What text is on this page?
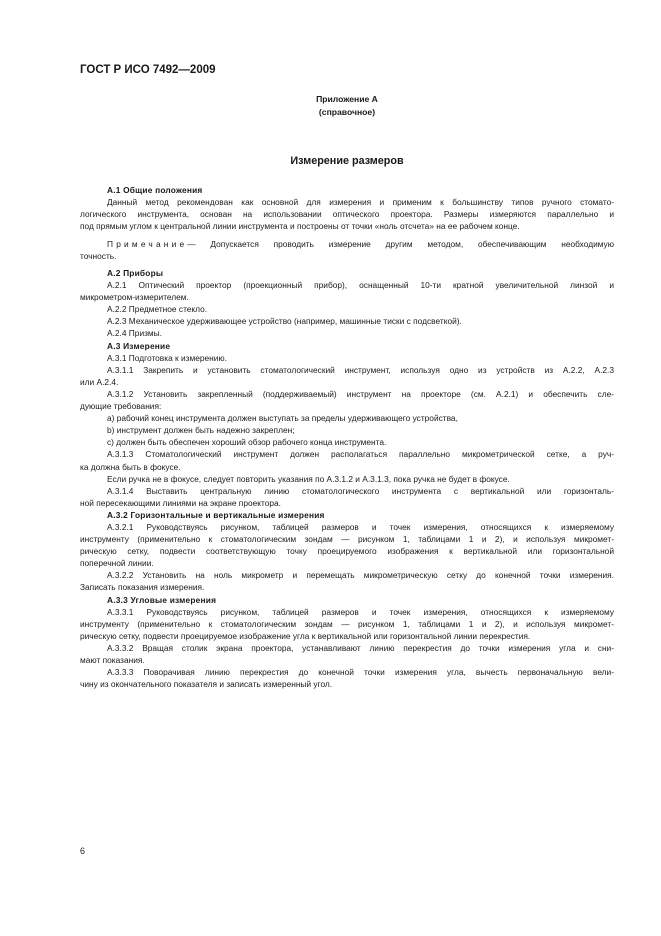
ГОСТ Р ИСО 7492—2009
Приложение А
(справочное)
Измерение размеров
А.1 Общие положения
Данный метод рекомендован как основной для измерения и применим к большинству типов ручного стомато-
логического инструмента, основан на использовании оптического проектора. Размеры измеряются параллельно и
под прямым углом к центральной линии инструмента и построены от точки «ноль отсчета» на ее рабочем конце.
Примечание— Допускается проводить измерение другим методом, обеспечивающим необходимую
точность.
А.2 Приборы
А.2.1 Оптический проектор (проекционный прибор), оснащенный 10-ти кратной увеличительной линзой и
микрометром-измерителем.
А.2.2 Предметное стекло.
А.2.3 Механическое удерживающее устройство (например, машинные тиски с подсветкой).
А.2.4 Призмы.
А.3 Измерение
А.3.1 Подготовка к измерению.
А.3.1.1 Закрепить и установить стоматологический инструмент, используя одно из устройств из А.2.2, А.2.3
или А.2.4.
А.3.1.2 Установить закрепленный (поддерживаемый) инструмент на проекторе (см. А.2.1) и обеспечить сле-
дующие требования:
а) рабочий конец инструмента должен выступать за пределы удерживающего устройства,
b) инструмент должен быть надежно закреплен;
с) должен быть обеспечен хороший обзор рабочего конца инструмента.
А.3.1.3 Стоматологический инструмент должен располагаться параллельно микрометрической сетке, а руч-
ка должна быть в фокусе.
Если ручка не в фокусе, следует повторить указания по А.3.1.2 и А.3.1.3, пока ручка не будет в фокусе.
А.3.1.4 Выставить центральную линию стоматологического инструмента с вертикальной или горизонталь-
ной пересекающими линиями на экране проектора.
А.3.2 Горизонтальные и вертикальные измерения
А.3.2.1 Руководствуясь рисунком, таблицей размеров и точек измерения, относящихся к измеряемому
инструменту (применительно к стоматологическим зондам — рисунком 1, таблицами 1 и 2), и используя микромет-
рическую сетку, подвести соответствующую точку проецируемого изображения к вертикальной или горизонтальной
поперечной линии.
А.3.2.2 Установить на ноль микрометр и перемещать микрометрическую сетку до конечной точки измерения.
Записать показания измерения.
А.3.3 Угловые измерения
А.3.3.1 Руководствуясь рисунком, таблицей размеров и точек измерения, относящихся к измеряемому
инструменту (применительно к стоматологическим зондам — рисунком 1, таблицами 1 и 2), и используя микромет-
рическую сетку, подвести проецируемое изображение угла к вертикальной или горизонтальной линии перекрестия.
А.3.3.2 Вращая столик экрана проектора, устанавливают линию перекрестия до точки измерения угла и сни-
мают показания.
А.3.3.3 Поворачивая линию перекрестия до конечной точки измерения угла, вычесть первоначальную вели-
чину из окончательного показателя и записать измеренный угол.
6
